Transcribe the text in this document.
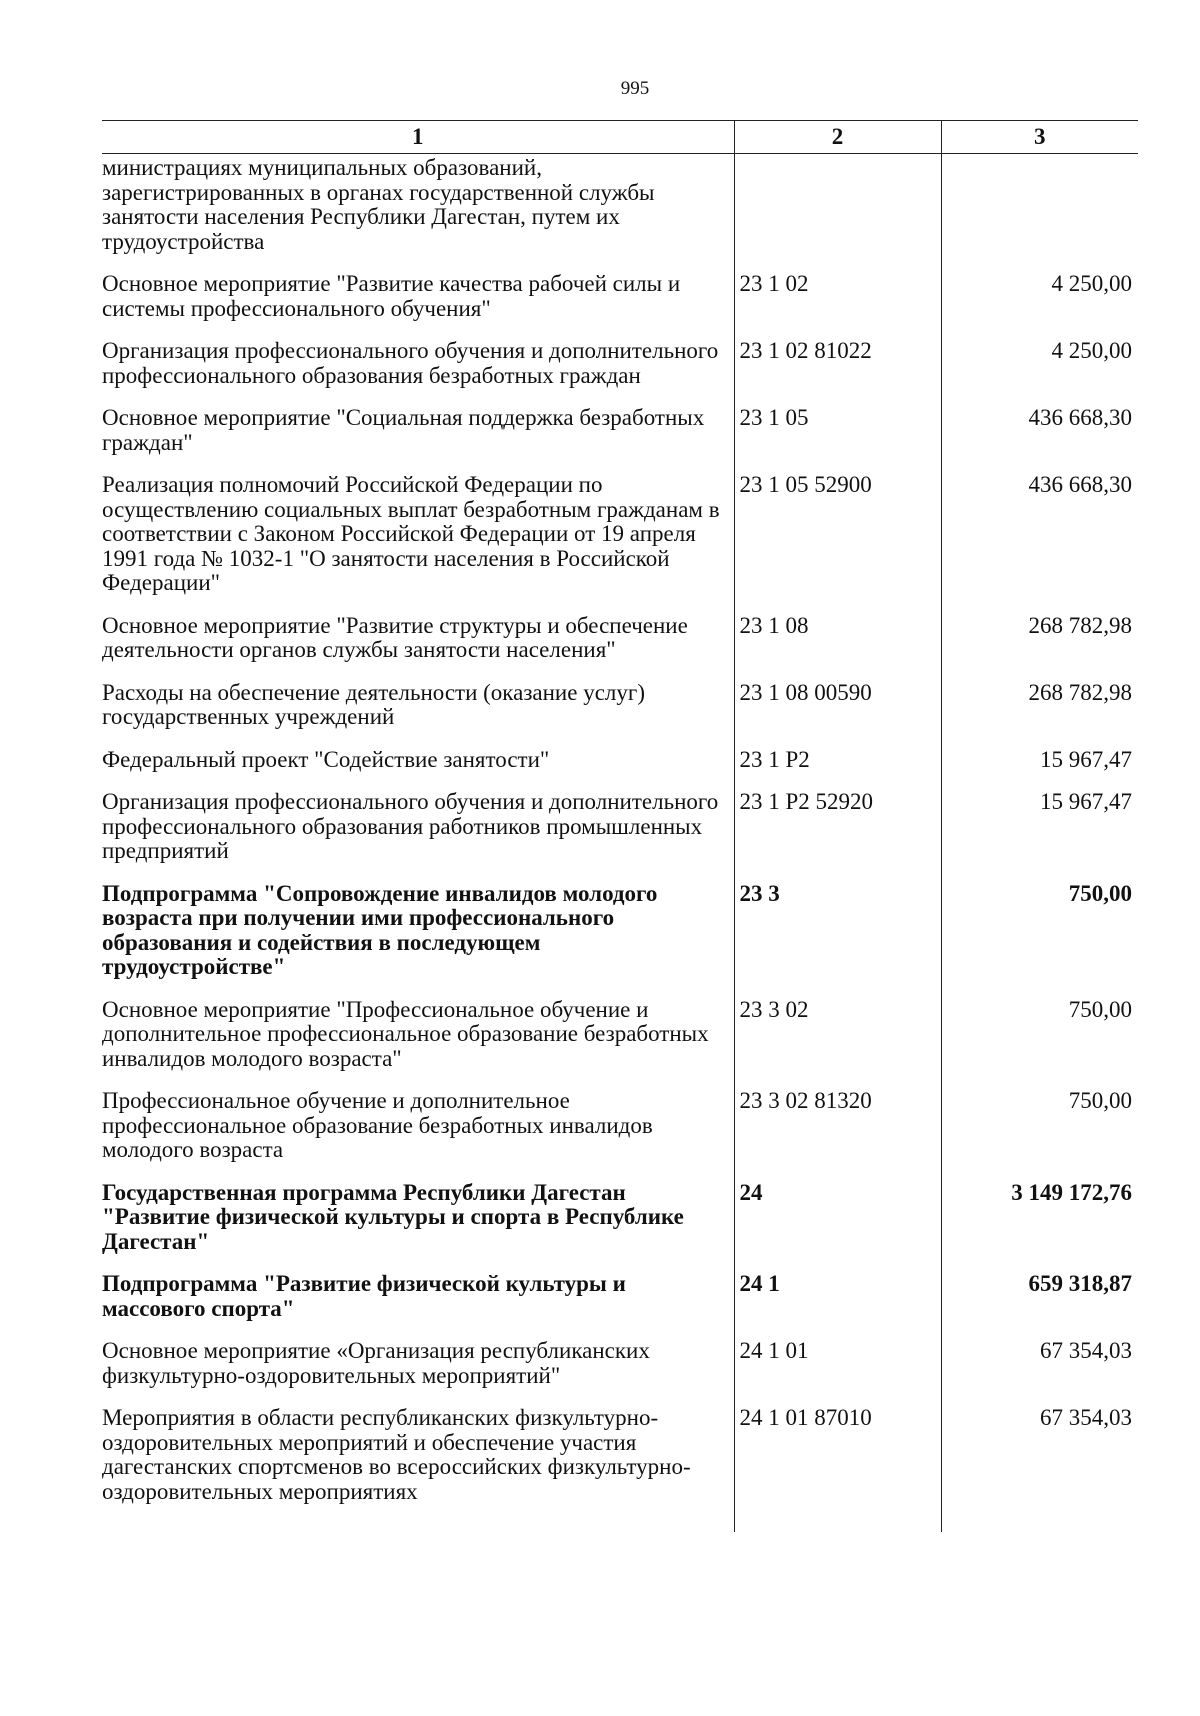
995
1	2	3
министрациях муниципальных образований, зарегистрированных в органах государственной службы занятости населения Республики Дагестан, путем их трудоустройства		
Основное мероприятие "Развитие качества рабочей силы и системы профессионального обучения"	23 1 02	4 250,00
Организация профессионального обучения и дополнительного профессионального образования безработных граждан	23 1 02 81022	4 250,00
Основное мероприятие "Социальная поддержка безработных граждан"	23 1 05	436 668,30
Реализация полномочий Российской Федерации по осуществлению социальных выплат безработным гражданам в соответствии с Законом Российской Федерации от 19 апреля 1991 года № 1032-1 "О занятости населения в Российской Федерации"	23 1 05 52900	436 668,30
Основное мероприятие "Развитие структуры и обеспечение деятельности органов службы занятости населения"	23 1 08	268 782,98
Расходы на обеспечение деятельности (оказание услуг) государственных учреждений	23 1 08 00590	268 782,98
Федеральный проект "Содействие занятости"	23 1 P2	15 967,47
Организация профессионального обучения и дополнительного профессионального образования работников промышленных предприятий	23 1 P2 52920	15 967,47
Подпрограмма "Сопровождение инвалидов молодого возраста при получении ими профессионального образования и содействия в последующем трудоустройстве"	23 3	750,00
Основное мероприятие "Профессиональное обучение и дополнительное профессиональное образование безработных инвалидов молодого возраста"	23 3 02	750,00
Профессиональное обучение и дополнительное профессиональное образование безработных инвалидов молодого возраста	23 3 02 81320	750,00
Государственная программа Республики Дагестан "Развитие физической культуры и спорта в Республике Дагестан"	24	3 149 172,76
Подпрограмма "Развитие физической культуры и массового спорта"	24 1	659 318,87
Основное мероприятие «Организация республиканских физкультурно-оздоровительных мероприятий"	24 1 01	67 354,03
Мероприятия в области республиканских физкультурно-оздоровительных мероприятий и обеспечение участия дагестанских спортсменов во всероссийских физкультурно-оздоровительных мероприятиях	24 1 01 87010	67 354,03
